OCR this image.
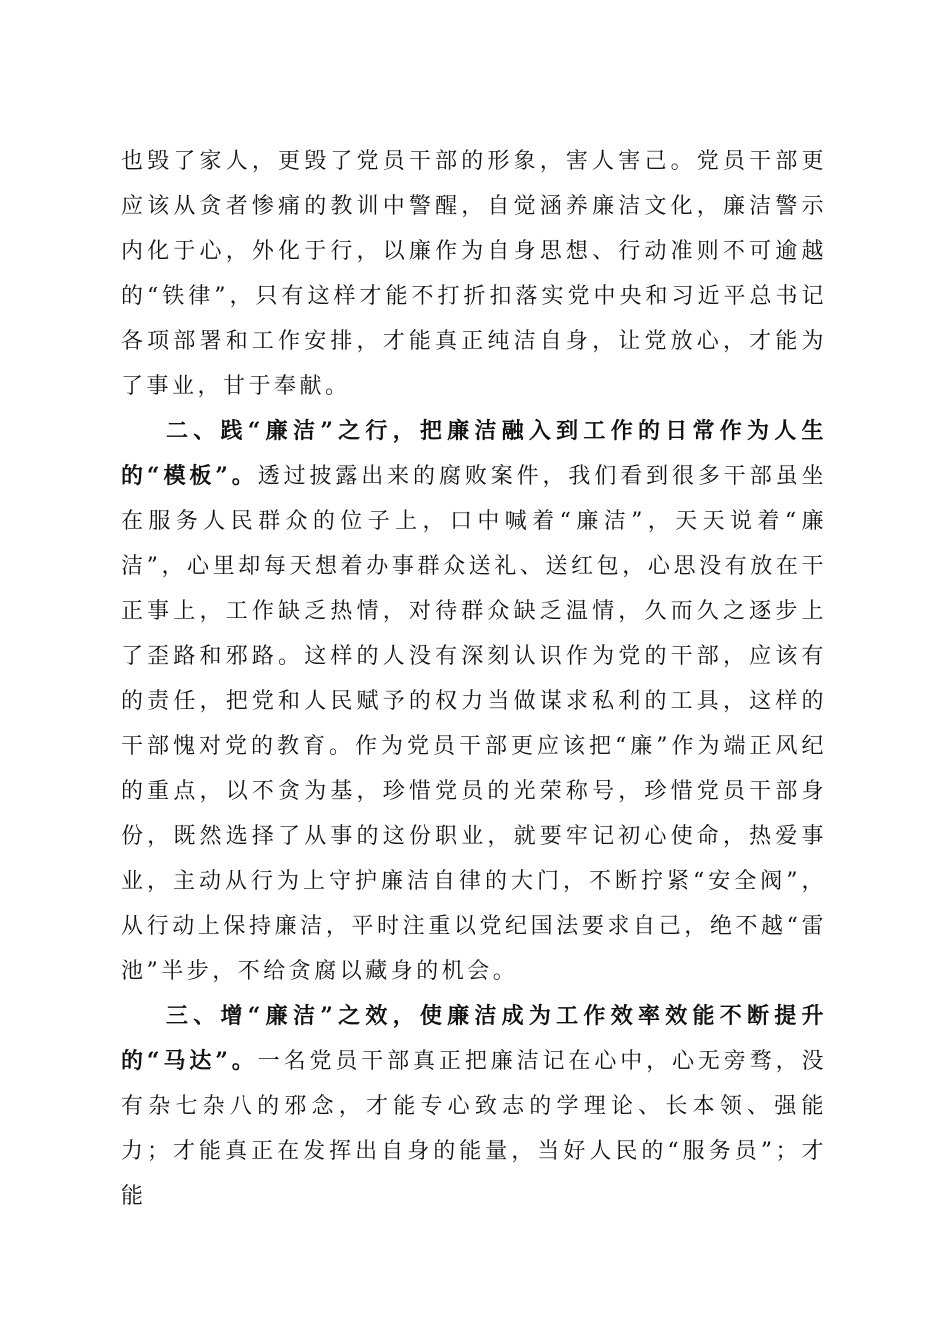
也毁了家人，更毁了党员干部的形象，害人害己。党员干部更应该从贪者惨痛的教训中警醒，自觉涵养廉洁文化，廉洁警示内化于心，外化于行，以廉作为自身思想、行动准则不可逾越的“铁律”，只有这样才能不打折扣落实党中央和习近平总书记各项部署和工作安排，才能真正纯洁自身，让党放心，才能为了事业，甘于奉献。

二、践“廉洁”之行，把廉洁融入到工作的日常作为人生的“模板”。透过披露出来的腐败案件，我们看到很多干部虽坐在服务人民群众的位子上，口中喊着“廉洁”，天天说着“廉洁”，心里却每天想着办事群众送礼、送红包，心思没有放在干正事上，工作缺乏热情，对待群众缺乏温情，久而久之逐步上了歪路和邪路。这样的人没有深刻认识作为党的干部，应该有的责任，把党和人民赋予的权力当做谋求私利的工具，这样的干部愧对党的教育。作为党员干部更应该把“廉”作为端正风纪的重点，以不贪为基，珍惜党员的光荣称号，珍惜党员干部身份，既然选择了从事的这份职业，就要牢记初心使命，热爱事业，主动从行为上守护廉洁自律的大门，不断拧紧“安全阀”，从行动上保持廉洁，平时注重以党纪国法要求自己，绝不越“雷池”半步，不给贪腐以藏身的机会。

三、增“廉洁”之效，使廉洁成为工作效率效能不断提升的“马达”。一名党员干部真正把廉洁记在心中，心无旁骛，没有杂七杂八的邪念，才能专心致志的学理论、长本领、强能力；才能真正在发挥出自身的能量，当好人民的“服务员”；才能
